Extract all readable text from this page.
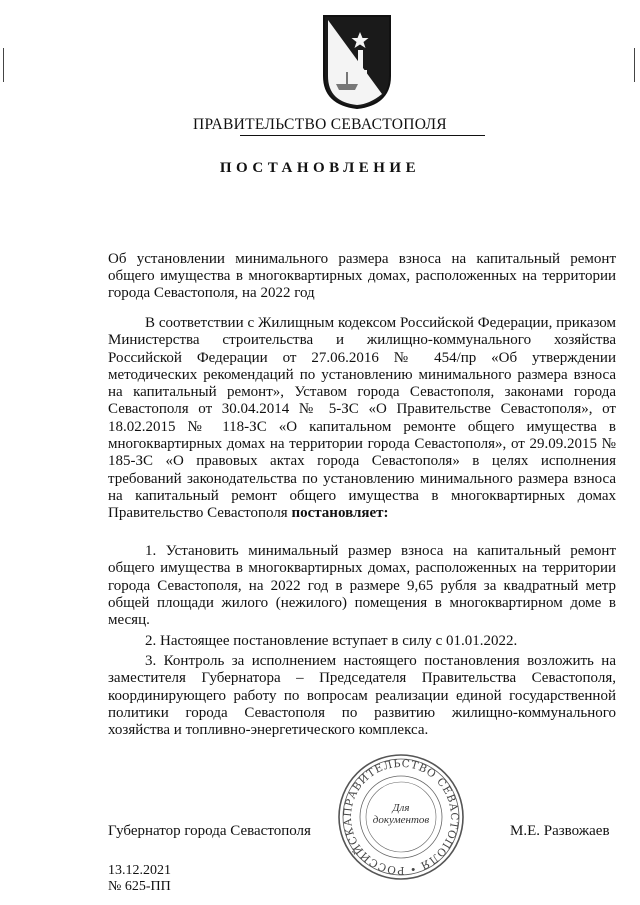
ПРАВИТЕЛЬСТВО СЕВАСТОПОЛЯ
ПОСТАНОВЛЕНИЕ
Об установлении минимального размера взноса на капитальный ремонт общего имущества в многоквартирных домах, расположенных на территории города Севастополя, на 2022 год
В соответствии с Жилищным кодексом Российской Федерации, приказом Министерства строительства и жилищно-коммунального хозяйства Российской Федерации от 27.06.2016 № 454/пр «Об утверждении методических рекомендаций по установлению минимального размера взноса на капитальный ремонт», Уставом города Севастополя, законами города Севастополя от 30.04.2014 № 5-ЗС «О Правительстве Севастополя», от 18.02.2015 № 118-ЗС «О капитальном ремонте общего имущества в многоквартирных домах на территории города Севастополя», от 29.09.2015 № 185-ЗС «О правовых актах города Севастополя» в целях исполнения требований законодательства по установлению минимального размера взноса на капитальный ремонт общего имущества в многоквартирных домах Правительство Севастополя постановляет:
1. Установить минимальный размер взноса на капитальный ремонт общего имущества в многоквартирных домах, расположенных на территории города Севастополя, на 2022 год в размере 9,65 рубля за квадратный метр общей площади жилого (нежилого) помещения в многоквартирном доме в месяц.
2. Настоящее постановление вступает в силу с 01.01.2022.
3. Контроль за исполнением настоящего постановления возложить на заместителя Губернатора – Председателя Правительства Севастополя, координирующего работу по вопросам реализации единой государственной политики города Севастополя по развитию жилищно-коммунального хозяйства и топливно-энергетического комплекса.
Губернатор города Севастополя	М.Е. Развожаев
ПРАВИТЕЛЬСТВО СЕВАСТОПОЛЯ • РОССИЙСКА
Для
документов
13.12.2021
№ 625-ПП
